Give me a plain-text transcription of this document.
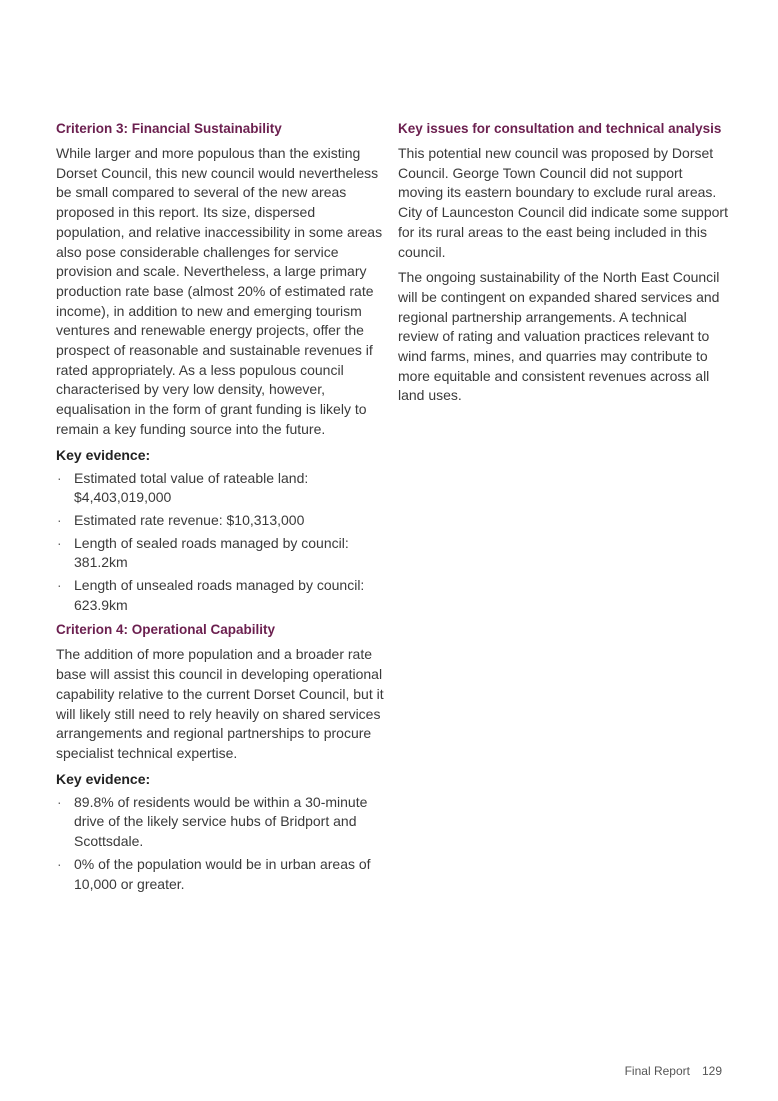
Criterion 3: Financial Sustainability

While larger and more populous than the existing Dorset Council, this new council would nevertheless be small compared to several of the new areas proposed in this report. Its size, dispersed population, and relative inaccessibility in some areas also pose considerable challenges for service provision and scale. Nevertheless, a large primary production rate base (almost 20% of estimated rate income), in addition to new and emerging tourism ventures and renewable energy projects, offer the prospect of reasonable and sustainable revenues if rated appropriately. As a less populous council characterised by very low density, however, equalisation in the form of grant funding is likely to remain a key funding source into the future.

Key evidence:
· Estimated total value of rateable land: $4,403,019,000
· Estimated rate revenue: $10,313,000
· Length of sealed roads managed by council: 381.2km
· Length of unsealed roads managed by council: 623.9km
Criterion 4: Operational Capability

The addition of more population and a broader rate base will assist this council in developing operational capability relative to the current Dorset Council, but it will likely still need to rely heavily on shared services arrangements and regional partnerships to procure specialist technical expertise.

Key evidence:
· 89.8% of residents would be within a 30-minute drive of the likely service hubs of Bridport and Scottsdale.
· 0% of the population would be in urban areas of 10,000 or greater.
Key issues for consultation and technical analysis

This potential new council was proposed by Dorset Council. George Town Council did not support moving its eastern boundary to exclude rural areas. City of Launceston Council did indicate some support for its rural areas to the east being included in this council.

The ongoing sustainability of the North East Council will be contingent on expanded shared services and regional partnership arrangements. A technical review of rating and valuation practices relevant to wind farms, mines, and quarries may contribute to more equitable and consistent revenues across all land uses.

Final Report 129
